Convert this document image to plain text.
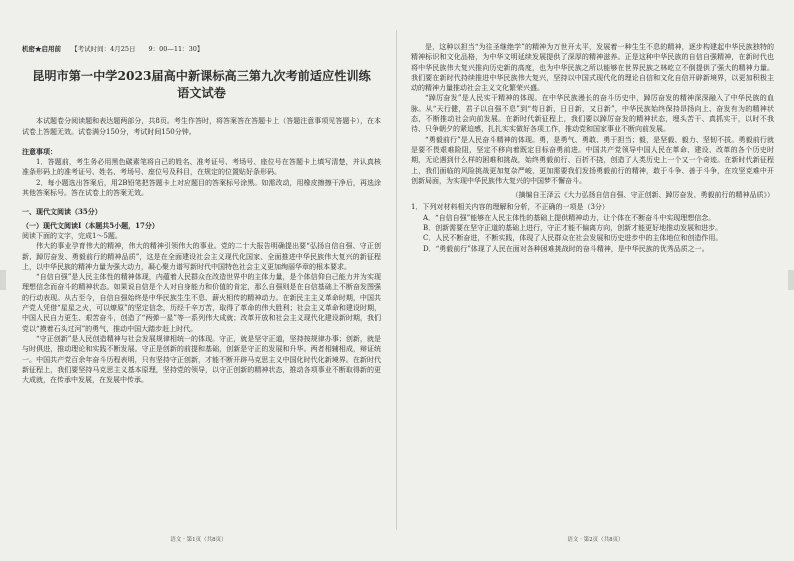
机密★启用前 【考试时间：4月25日　　9：00—11：30】
昆明市第一中学2023届高中新课标高三第九次考前适应性训练
语文试卷

本试题卷分阅读题和表达题两部分，共8页。考生作答时，将答案答在答题卡上（答题注意事项见答题卡），在本试卷上答题无效。试卷满分150分，考试时间150分钟。

注意事项：

1．答题前，考生务必用黑色碳素笔将自己的姓名、准考证号、考场号、座位号在答题卡上填写清楚，并认真核准条形码上的准考证号、姓名、考场号、座位号及科目，在规定的位置贴好条形码。

2．每小题选出答案后，用2B铅笔把答题卡上对应题目的答案标号涂黑。如需改动，用橡皮擦擦干净后，再选涂其他答案标号。答在试卷上的答案无效。

一、现代文阅读（35分）

（一）现代文阅读Ⅰ（本题共5小题，17分）

阅读下面的文字，完成1～5题。

伟大的事业孕育伟大的精神，伟大的精神引领伟大的事业。党的二十大报告明确提出要“弘扬自信自强、守正创新、踔厉奋发、勇毅前行的精神品质”，这是在全面建设社会主义现代化国家、全面推进中华民族伟大复兴的新征程上，以中华民族的精神力量为强大动力，凝心聚力谱写新时代中国特色社会主义更加绚丽华章的根本要求。

“自信自强”是人民主体性的精神体现，内蕴着人民群众在改造世界中的主体力量，是个体信仰自己能力并为实现理想信念而奋斗的精神状态。如果说自信是个人对自身能力和价值的肯定，那么自强则是在自信基础上不断奋发图强的行动表现。从古至今，自信自强始终是中华民族生生不息、薪火相传的精神动力。在新民主主义革命时期，中国共产党人凭借“星星之火，可以燎原”的坚定信念，历经千辛万苦，取得了革命的伟大胜利；社会主义革命和建设时期，中国人民自力更生、艰苦奋斗，创造了“两弹一星”等一系列伟大成就；改革开放和社会主义现代化建设新时期，我们党以“摸着石头过河”的勇气，推动中国大踏步赶上时代。

“守正创新”是人民创造精神与社会发展规律相统一的体现。守正，就是坚守正道，坚持按规律办事；创新，就是与时俱进，推动理论和实践不断发展。守正是创新的前提和基础，创新是守正的发展和升华。两者相辅相成，辩证统一。中国共产党百余年奋斗历程表明，只有坚持守正创新，才能不断开辟马克思主义中国化时代化新境界。在新时代新征程上，我们要坚持马克思主义基本原理，坚持党的领导，以守正创新的精神状态，推动各项事业不断取得新的更大成就，在传承中发展，在发展中传承。

语文 · 第1页（共8页）

是，这种以担当“为往圣继绝学”的精神为万世开太平，发展着一种生生不息的精神，逐步构建起中华民族独特的精神标识和文化品格，为中华文明延续发展提供了深厚的精神滋养。正是这种中华民族的自信自强精神，在新时代也将中华民族伟大复兴推向历史新的高度，也为中华民族之所以能够在世界民族之林屹立不倒提供了强大的精神力量。我们要在新时代持续推进中华民族伟大复兴，坚持以中国式现代化的理论自信和文化自信开辟新境界，以更加积极主动的精神力量推动社会主义文化繁荣兴盛。

“踔厉奋发”是人民实干精神的体现。在中华民族漫长的奋斗历史中，踔厉奋发的精神深深融入了中华民族的血脉。从“天行健，君子以自强不息”到“苟日新，日日新，又日新”，中华民族始终保持昂扬向上、奋发有为的精神状态，不断推动社会向前发展。在新时代新征程上，我们要以踔厉奋发的精神状态，埋头苦干、真抓实干，以时不我待、只争朝夕的紧迫感，扎扎实实做好各项工作，推动党和国家事业不断向前发展。

“勇毅前行”是人民奋斗精神的体现。勇，是勇气、勇敢、勇于担当；毅，是坚毅、毅力、坚韧不拔。勇毅前行就是要不畏艰难险阻，坚定不移向着既定目标奋勇前进。中国共产党领导中国人民在革命、建设、改革的各个历史时期，无论遇到什么样的困难和挑战，始终勇毅前行、百折不挠，创造了人类历史上一个又一个奇迹。在新时代新征程上，我们面临的风险挑战更加复杂严峻，更加需要我们发扬勇毅前行的精神，敢于斗争、善于斗争，在攻坚克难中开创新局面，为实现中华民族伟大复兴的中国梦不懈奋斗。

（摘编自王泽云《大力弘扬自信自强、守正创新、踔厉奋发、勇毅前行的精神品质》）

1．下列对材料相关内容的理解和分析，不正确的一项是（3分）

A．“自信自强”能够在人民主体性的基础上提供精神动力，让个体在不断奋斗中实现理想信念。

B．创新需要在坚守正道的基础上进行，守正才能不偏离方向，创新才能更好地推动发展和进步。

C．人民不断奋进，不断实践，体现了人民群众在社会发展和历史进步中的主体地位和创造作用。

D．“勇毅前行”体现了人民在面对各种困难挑战时的奋斗精神，是中华民族的优秀品质之一。

语文 · 第2页（共8页）
